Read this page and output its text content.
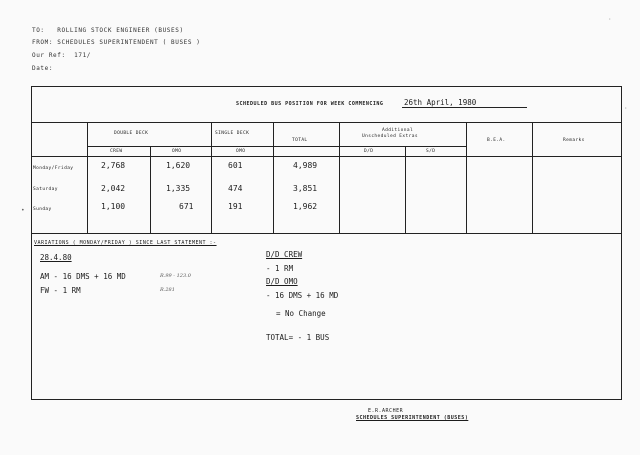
TO: ROLLING STOCK ENGINEER (BUSES)
FROM: SCHEDULES SUPERINTENDENT ( BUSES )
Our Ref: 171/
Date:
•
·
·
SCHEDULED BUS POSITION FOR WEEK COMMENCING	26th April, 1980
DOUBLE DECK	SINGLE DECK
TOTAL
Additional
Unscheduled Extras
B.E.A.	Remarks
CREW	OMO	OMO	D/D	S/D
Monday/Friday	2,768	1,620	601	4,989
Saturday	2,042	1,335	474	3,851
Sunday	1,100	671	191	1,962
VARIATIONS ( MONDAY/FRIDAY ) SINCE LAST STATEMENT :-
28.4.80
AM - 16 DMS + 16 MD	R.99 - 123.0
FW - 1 RM	R.281
D/D CREW
- 1 RM
D/D OMO
- 16 DMS + 16 MD
= No Change
TOTAL= - 1 BUS
E.R.ARCHER
SCHEDULES SUPERINTENDENT (BUSES)
